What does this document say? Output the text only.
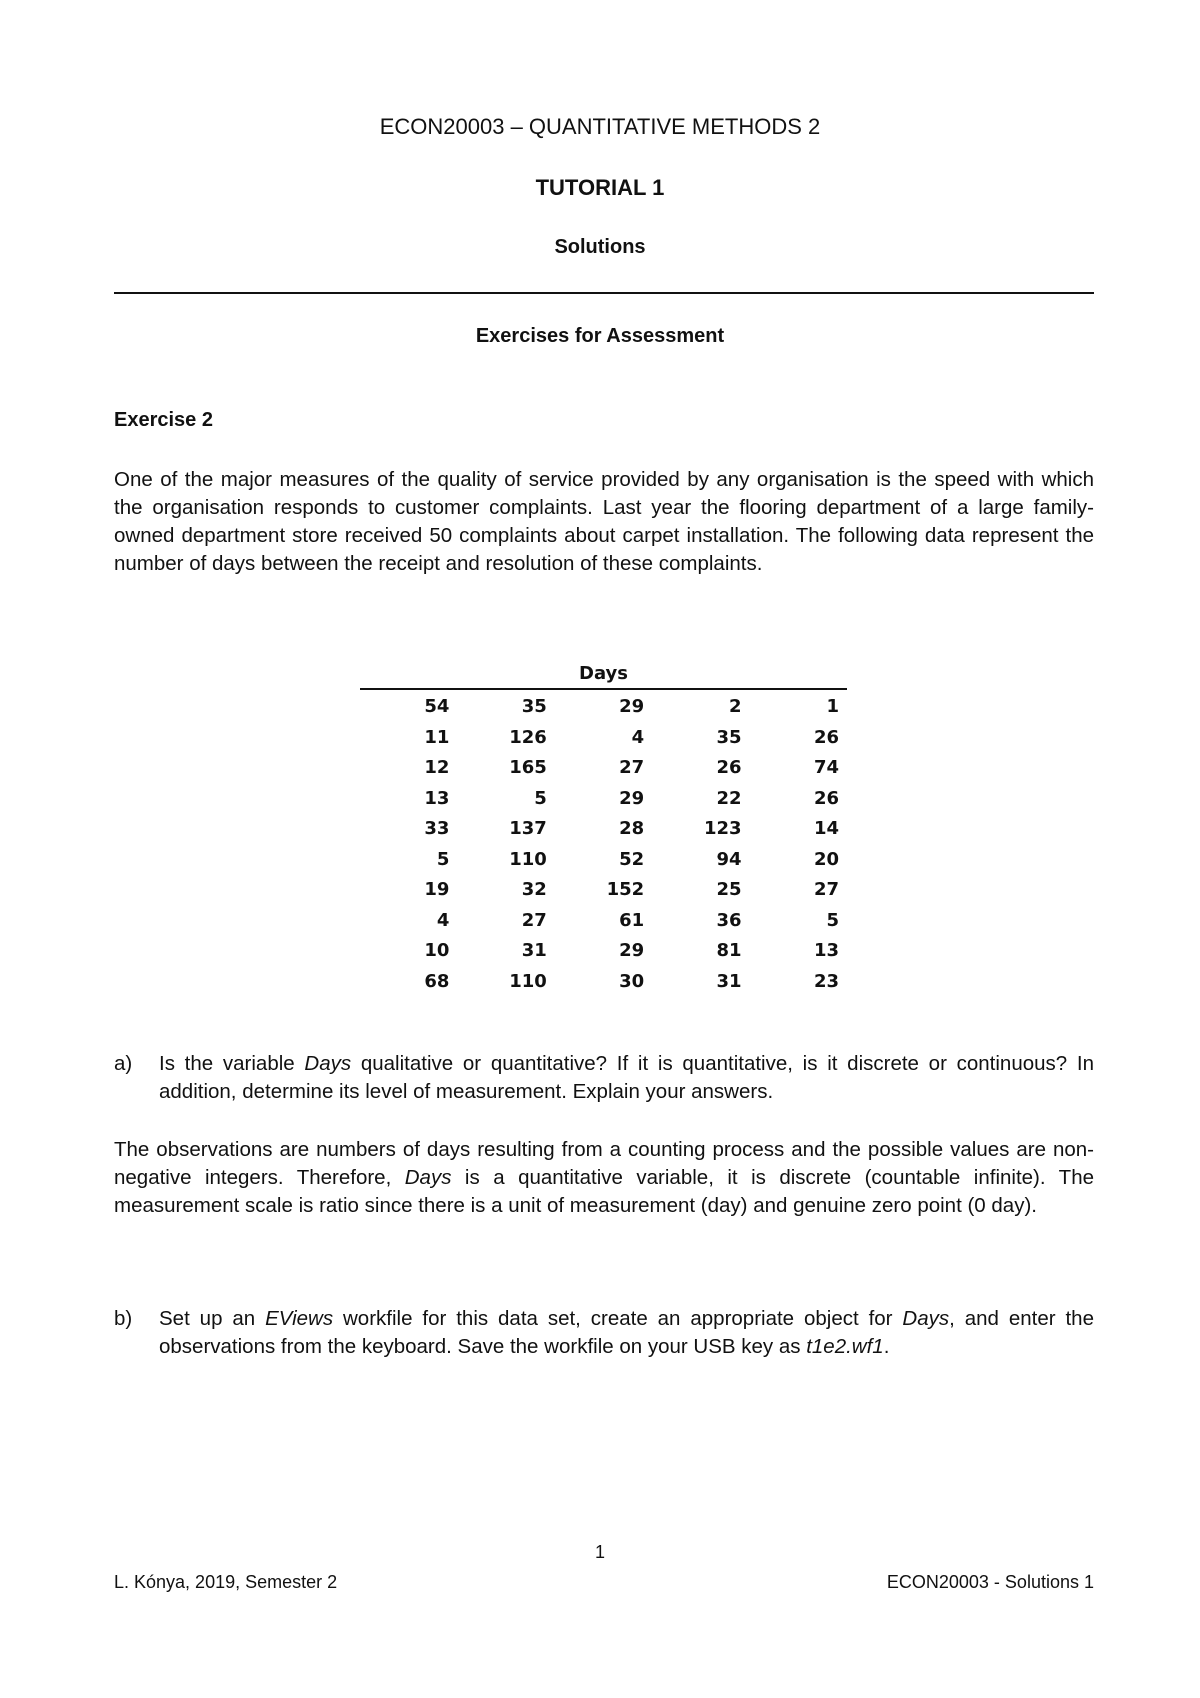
ECON20003 – QUANTITATIVE METHODS 2
TUTORIAL 1
Solutions
Exercises for Assessment
Exercise 2

One of the major measures of the quality of service provided by any organisation is the speed with which the organisation responds to customer complaints. Last year the flooring department of a large family-owned department store received 50 complaints about carpet installation. The following data represent the number of days between the receipt and resolution of these complaints.

Days
54	35	29	2	1
11	126	4	35	26
12	165	27	26	74
13	5	29	22	26
33	137	28	123	14
5	110	52	94	20
19	32	152	25	27
4	27	61	36	5
10	31	29	81	13
68	110	30	31	23
a) Is the variable Days qualitative or quantitative? If it is quantitative, is it discrete or continuous? In addition, determine its level of measurement. Explain your answers.

The observations are numbers of days resulting from a counting process and the possible values are non-negative integers. Therefore, Days is a quantitative variable, it is discrete (countable infinite). The measurement scale is ratio since there is a unit of measurement (day) and genuine zero point (0 day).

b) Set up an EViews workfile for this data set, create an appropriate object for Days, and enter the observations from the keyboard. Save the workfile on your USB key as t1e2.wf1.
1
L. Kónya, 2019, Semester 2	ECON20003 - Solutions 1
